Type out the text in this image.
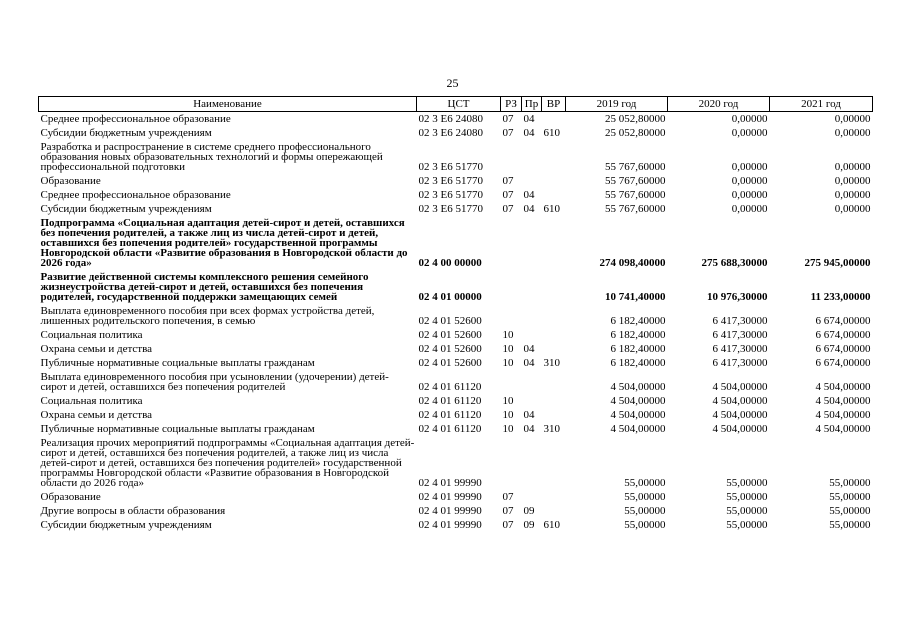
25
Наименование	ЦСТ	РЗ	Пр	ВР	2019 год	2020 год	2021 год
Среднее профессиональное образование	02 3 Е6 24080	07	04		25 052,80000	0,00000	0,00000
Субсидии бюджетным учреждениям	02 3 Е6 24080	07	04	610	25 052,80000	0,00000	0,00000
Разработка и распространение в системе среднего профессионального образования новых образовательных технологий и формы опережающей профессиональной подготовки	02 3 Е6 51770				55 767,60000	0,00000	0,00000
Образование	02 3 Е6 51770	07			55 767,60000	0,00000	0,00000
Среднее профессиональное образование	02 3 Е6 51770	07	04		55 767,60000	0,00000	0,00000
Субсидии бюджетным учреждениям	02 3 Е6 51770	07	04	610	55 767,60000	0,00000	0,00000
Подпрограмма «Социальная адаптация детей-сирот и детей, оставшихся без попечения родителей, а также лиц из числа детей-сирот и детей, оставшихся без попечения родителей» государственной программы Новгородской области «Развитие образования в Новгородской области до 2026 года»	02 4 00 00000				274 098,40000	275 688,30000	275 945,00000
Развитие действенной системы комплексного решения семейного жизнеустройства детей-сирот и детей, оставшихся без попечения родителей, государственной поддержки замещающих семей	02 4 01 00000				10 741,40000	10 976,30000	11 233,00000
Выплата единовременного пособия при всех формах устройства детей, лишенных родительского попечения, в семью	02 4 01 52600				6 182,40000	6 417,30000	6 674,00000
Социальная политика	02 4 01 52600	10			6 182,40000	6 417,30000	6 674,00000
Охрана семьи и детства	02 4 01 52600	10	04		6 182,40000	6 417,30000	6 674,00000
Публичные нормативные социальные выплаты гражданам	02 4 01 52600	10	04	310	6 182,40000	6 417,30000	6 674,00000
Выплата единовременного пособия при усыновлении (удочерении) детей-сирот и детей, оставшихся без попечения родителей	02 4 01 61120				4 504,00000	4 504,00000	4 504,00000
Социальная политика	02 4 01 61120	10			4 504,00000	4 504,00000	4 504,00000
Охрана семьи и детства	02 4 01 61120	10	04		4 504,00000	4 504,00000	4 504,00000
Публичные нормативные социальные выплаты гражданам	02 4 01 61120	10	04	310	4 504,00000	4 504,00000	4 504,00000
Реализация прочих мероприятий подпрограммы «Социальная адаптация детей-сирот и детей, оставшихся без попечения родителей, а также лиц из числа детей-сирот и детей, оставшихся без попечения родителей» государственной программы Новгородской области «Развитие образования в Новгородской области до 2026 года»	02 4 01 99990				55,00000	55,00000	55,00000
Образование	02 4 01 99990	07			55,00000	55,00000	55,00000
Другие вопросы в области образования	02 4 01 99990	07	09		55,00000	55,00000	55,00000
Субсидии бюджетным учреждениям	02 4 01 99990	07	09	610	55,00000	55,00000	55,00000
